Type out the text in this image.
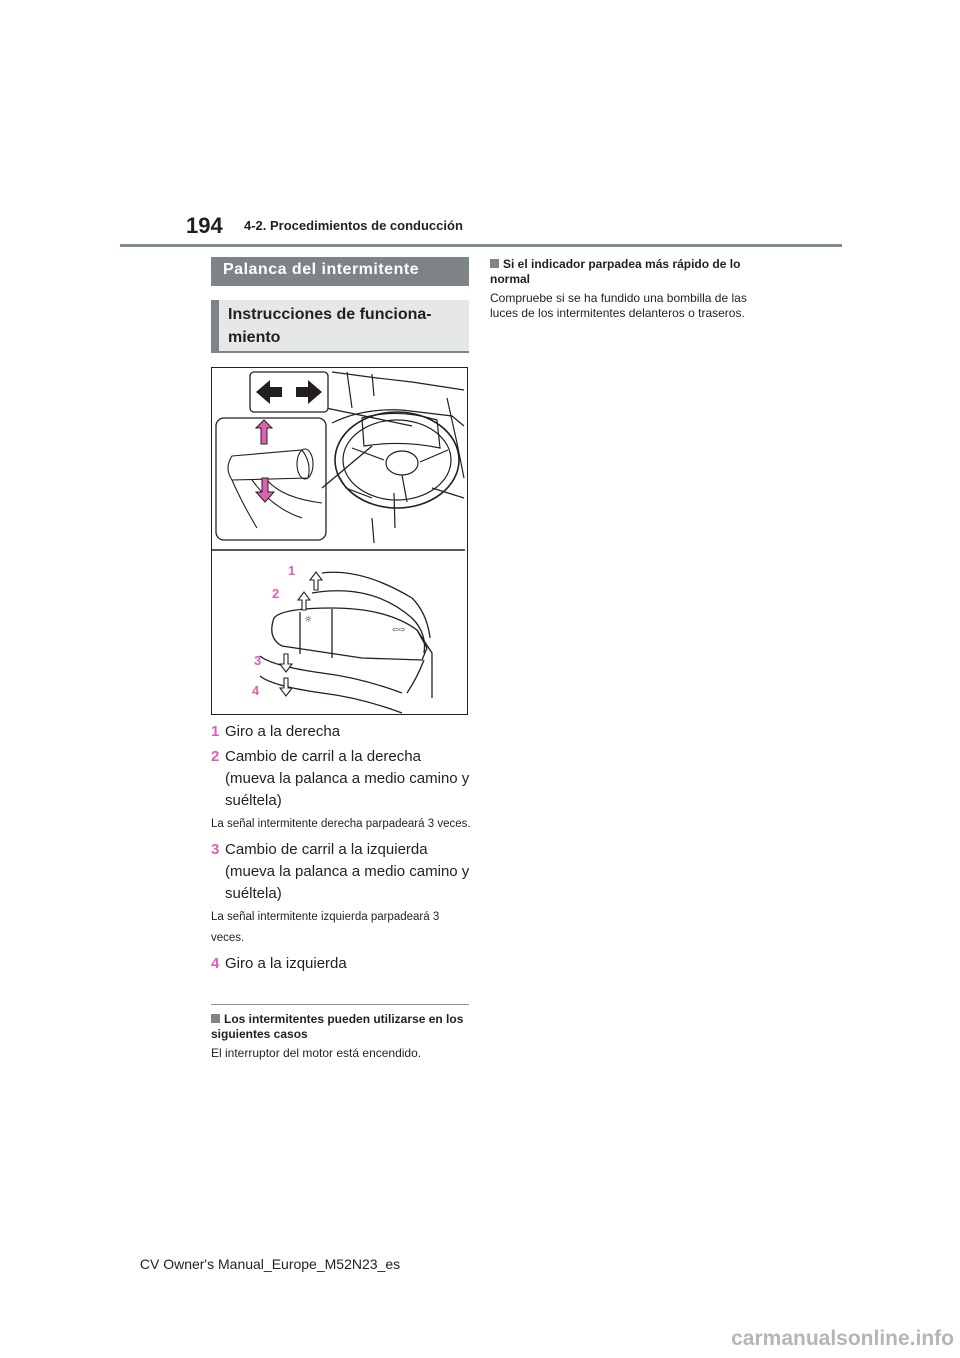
194 4-2. Procedimientos de conducción
Palanca del intermitente
Instrucciones de funciona-miento
☼
⇦⇨
1
2
3
4
1 Giro a la derecha
2 Cambio de carril a la derecha (mueva la palanca a medio camino y suéltela)
La señal intermitente derecha parpadeará 3 veces.
3 Cambio de carril a la izquierda (mueva la palanca a medio camino y suéltela)
La señal intermitente izquierda parpadeará 3 veces.
4 Giro a la izquierda
Los intermitentes pueden utilizarse en los siguientes casos
El interruptor del motor está encendido.
Si el indicador parpadea más rápido de lo normal
Compruebe si se ha fundido una bombilla de las luces de los intermitentes delanteros o traseros.
CV Owner's Manual_Europe_M52N23_es
carmanualsonline.info
